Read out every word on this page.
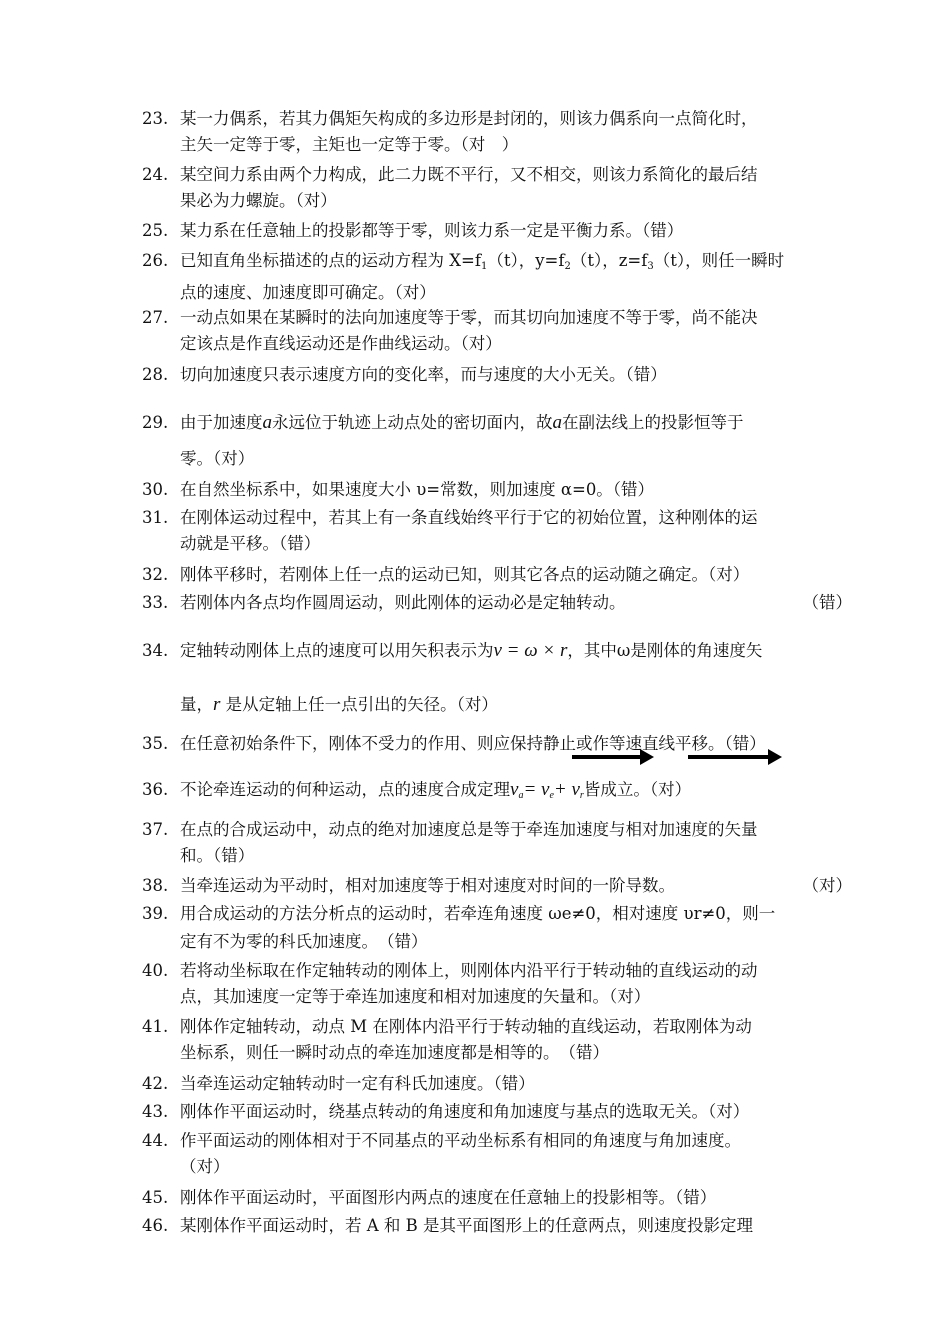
23. 某一力偶系，若其力偶矩矢构成的多边形是封闭的，则该力偶系向一点简化时，
主矢一定等于零，主矩也一定等于零。（对　）
24. 某空间力系由两个力构成，此二力既不平行，又不相交，则该力系简化的最后结
果必为力螺旋。（对）
25. 某力系在任意轴上的投影都等于零，则该力系一定是平衡力系。（错）
26. 已知直角坐标描述的点的运动方程为 $X=f_1(t)$，$y=f_2(t)$，$z=f_3(t)$，则任一瞬时
点的速度、加速度即可确定。（对）
27. 一动点如果在某瞬时的法向加速度等于零，而其切向加速度不等于零，尚不能决
定该点是作直线运动还是作曲线运动。（对）
28. 切向加速度只表示速度方向的变化率，而与速度的大小无关。（错）
29. 由于加速度a永远位于轨迹上动点处的密切面内，故a在副法线上的投影恒等于
零。（对）
30. 在自然坐标系中，如果速度大小 υ=常数，则加速度 α=0。（错）
31. 在刚体运动过程中，若其上有一条直线始终平行于它的初始位置，这种刚体的运
动就是平移。（错）
32. 刚体平移时，若刚体上任一点的运动已知，则其它各点的运动随之确定。（对）
33. 若刚体内各点均作圆周运动，则此刚体的运动必是定轴转动。	（错）
34. 定轴转动刚体上点的速度可以用矢积表示为v = ω × r，其中ω是刚体的角速度矢
量，r 是从定轴上任一点引出的矢径。（对）
35. 在任意初始条件下，刚体不受力的作用、则应保持静止或作等速直线平移。（错）
36. 不论牵连运动的何种运动，点的速度合成定理$v_a= v_e+ v_r$皆成立。（对）
37. 在点的合成运动中，动点的绝对加速度总是等于牵连加速度与相对加速度的矢量
和。（错）
38. 当牵连运动为平动时，相对加速度等于相对速度对时间的一阶导数。	（对）
39. 用合成运动的方法分析点的运动时，若牵连角速度 ωe≠0，相对速度 υr≠0，则一
定有不为零的科氏加速度。　（错）
40. 若将动坐标取在作定轴转动的刚体上，则刚体内沿平行于转动轴的直线运动的动
点，其加速度一定等于牵连加速度和相对加速度的矢量和。（对）
41. 刚体作定轴转动，动点 M 在刚体内沿平行于转动轴的直线运动，若取刚体为动
坐标系，则任一瞬时动点的牵连加速度都是相等的。　（错）
42. 当牵连运动定轴转动时一定有科氏加速度。（错）
43. 刚体作平面运动时，绕基点转动的角速度和角加速度与基点的选取无关。（对）
44. 作平面运动的刚体相对于不同基点的平动坐标系有相同的角速度与角加速度。
（对）
45. 刚体作平面运动时，平面图形内两点的速度在任意轴上的投影相等。（错）
46. 某刚体作平面运动时，若 A 和 B 是其平面图形上的任意两点，则速度投影定理
